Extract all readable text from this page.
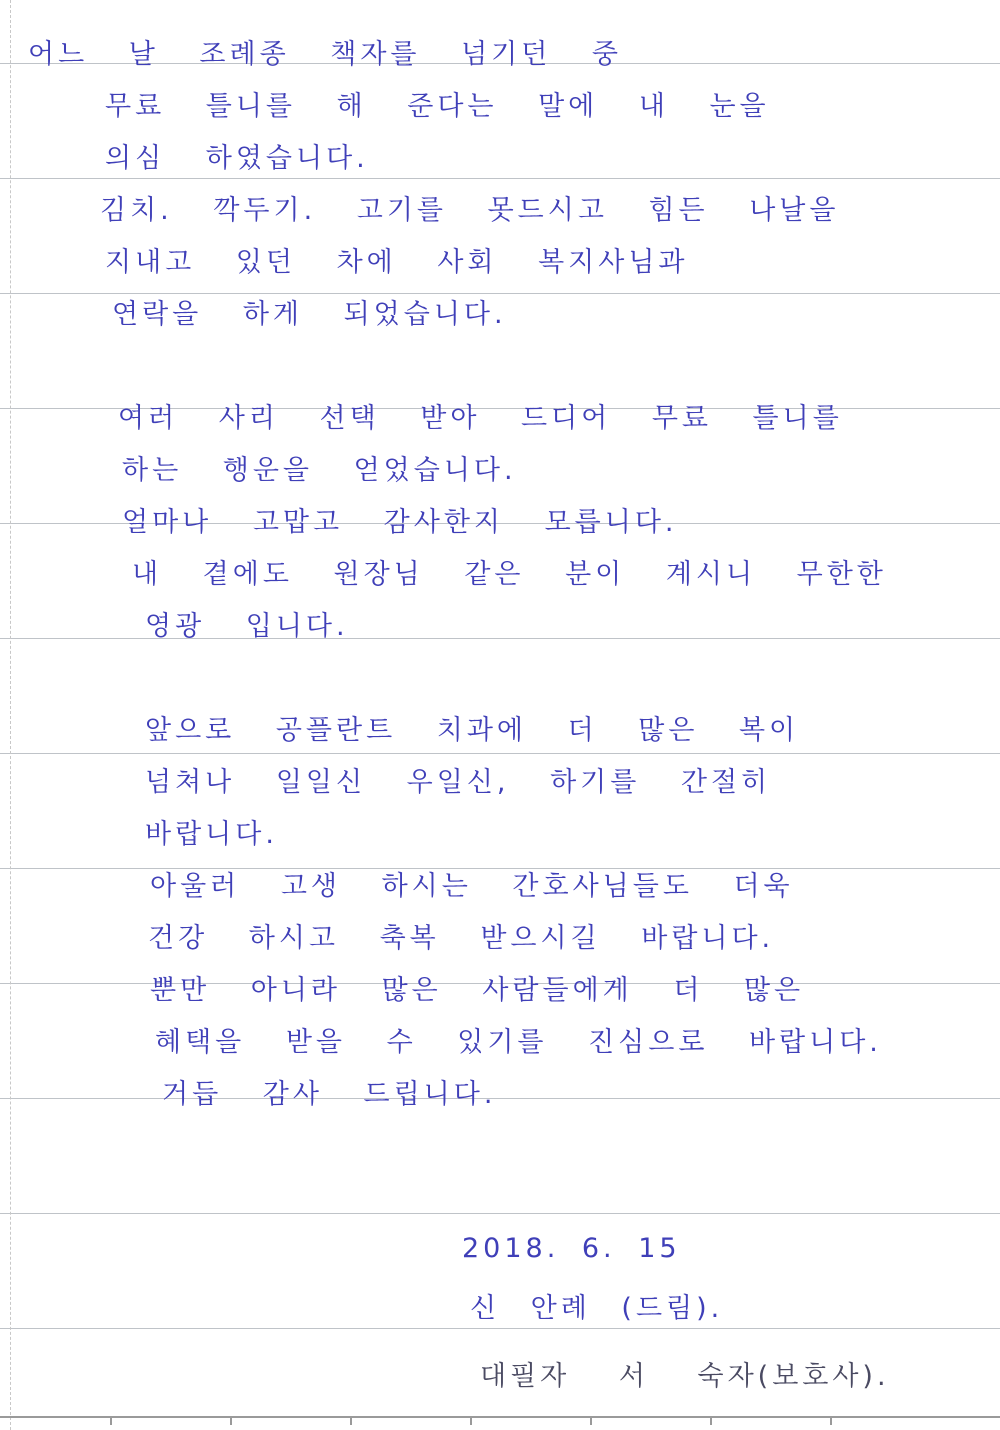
어느 날 조례종 책자를 넘기던 중
무료 틀니를 해 준다는 말에 내 눈을
의심 하였습니다.
김치. 깍두기. 고기를 못드시고 힘든 나날을
지내고 있던 차에 사회 복지사님과
연락을 하게 되었습니다.
여러 사리 선택 받아 드디어 무료 틀니를
하는 행운을 얻었습니다.
얼마나 고맙고 감사한지 모릅니다.
내 곁에도 원장님 같은 분이 계시니 무한한
영광 입니다.
앞으로 공플란트 치과에 더 많은 복이
넘쳐나 일일신 우일신, 하기를 간절히
바랍니다.
아울러 고생 하시는 간호사님들도 더욱
건강 하시고 축복 받으시길 바랍니다.
뿐만 아니라 많은 사람들에게 더 많은
혜택을 받을 수 있기를 진심으로 바랍니다.
거듭 감사 드립니다.
2018. 6. 15
신 안례 (드림).
대필자 서 숙자(보호사).
